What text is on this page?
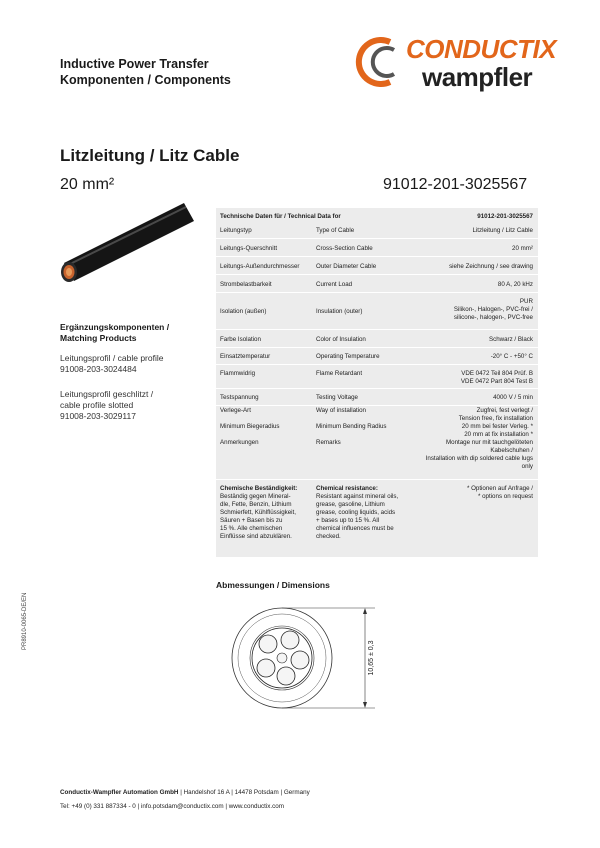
Inductive Power Transfer
Komponenten / Components
CONDUCTIX
wampfler
Litzleitung / Litz Cable
20 mm²	91012-201-3025567
Ergänzungskomponenten /
Matching Products
Leitungsprofil / cable profile
91008-203-3024484
Leitungsprofil geschlitzt /
cable profile slotted
91008-203-3029117
Technische Daten für / Technical Data for	91012-201-3025567
Leitungstyp	Type of Cable	Litzleitung / Litz Cable
Leitungs-Querschnitt	Cross-Section Cable	20 mm²
Leitungs-Außendurchmesser	Outer Diameter Cable	siehe Zeichnung / see drawing
Strombelastbarkeit	Current Load	80 A, 20 kHz
Isolation (außen)	Insulation (outer)
PUR
Silikon-, Halogen-, PVC-frei /
silicone-, halogen-, PVC-free
Farbe Isolation	Color of Insulation	Schwarz / Black
Einsatztemperatur	Operating Temperature	-20° C - +50° C
Flammwidrig	Flame Retardant	VDE 0472 Teil 804 Prüf. B
VDE 0472 Part 804 Test B
Testspannung	Testing Voltage	4000 V / 5 min
Verlege-Art	Way of installation	Zugfrei, fest verlegt /
Tension free, fix installation
Minimum Biegeradius	Minimum Bending Radius	20 mm bei fester Verleg. *
20 mm at fix installation *
Anmerkungen	Remarks	Montage nur mit tauchgelöteten
Kabelschuhen /
Installation with dip soldered cable lugs
only
Chemische Beständigkeit:
Beständig gegen Mineral-
dle, Fette, Benzin, Lithium
Schmierfett, Kühlflüssigkeit,
Säuren + Basen bis zu
15 %. Alle chemischen
Einflüsse sind abzuklären.
Chemical resistance:
Resistant against mineral oils,
grease, gasoline, Lithium
grease, cooling liquids, acids
+ bases up to 15 %. All
chemical influences must be
checked.
* Optionen auf Anfrage /
* options on request
Abmessungen / Dimensions
10,65 ± 0,3
PR8910-0065-DE/EN
Conductix-Wampfler Automation GmbH | Handelshof 16 A | 14478 Potsdam | Germany
Tel: +49 (0) 331 887334 - 0 | info.potsdam@conductix.com | www.conductix.com
